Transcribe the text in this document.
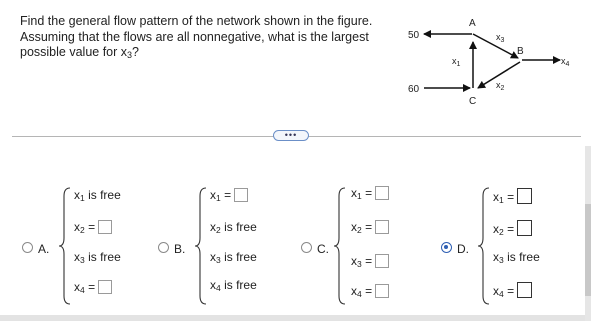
Find the general flow pattern of the network shown in the figure.
Assuming that the flows are all nonnegative, what is the largest
possible value for $x_3$?
50
60
$x_1$
$x_3$
$x_2$
$x_4$
A
B
C
•••
A.
$x_1$ is free
$x_2$ =
$x_3$ is free
$x_4$ =
B.
$x_1$ =
$x_2$ is free
$x_3$ is free
$x_4$ is free
C.
$x_1$ =
$x_2$ =
$x_3$ =
$x_4$ =
D.
$x_1$ =
$x_2$ =
$x_3$ is free
$x_4$ =
